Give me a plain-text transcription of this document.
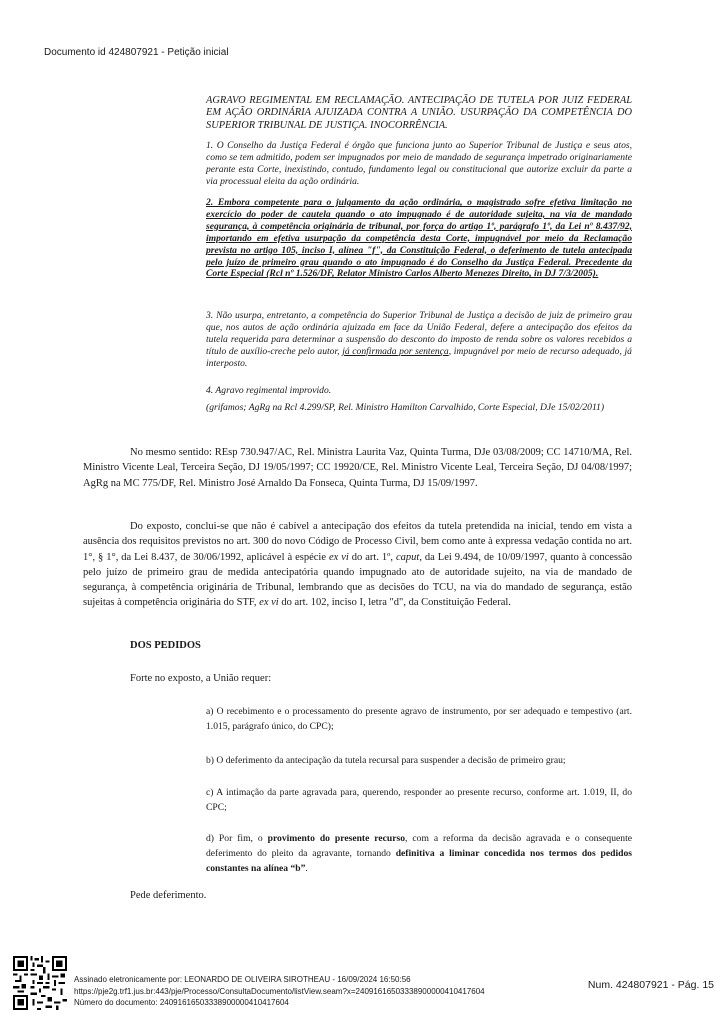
Documento id 424807921 - Petição inicial

AGRAVO REGIMENTAL EM RECLAMAÇÃO. ANTECIPAÇÃO DE TUTELA POR JUIZ FEDERAL EM AÇÃO ORDINÁRIA AJUIZADA CONTRA A UNIÃO. USURPAÇÃO DA COMPETÊNCIA DO SUPERIOR TRIBUNAL DE JUSTIÇA. INOCORRÊNCIA.

1. O Conselho da Justiça Federal é órgão que funciona junto ao Superior Tribunal de Justiça e seus atos, como se tem admitido, podem ser impugnados por meio de mandado de segurança impetrado originariamente perante esta Corte, inexistindo, contudo, fundamento legal ou constitucional que autorize excluir da parte a via processual eleita da ação ordinária.

2. Embora competente para o julgamento da ação ordinária, o magistrado sofre efetiva limitação no exercício do poder de cautela quando o ato impugnado é de autoridade sujeita, na via de mandado segurança, à competência originária de tribunal, por força do artigo 1º, parágrafo 1º, da Lei nº 8.437/92, importando em efetiva usurpação da competência desta Corte, impugnável por meio da Reclamação prevista no artigo 105, inciso I, alínea "f", da Constituição Federal, o deferimento de tutela antecipada pelo juízo de primeiro grau quando o ato impugnado é do Conselho da Justiça Federal. Precedente da Corte Especial (Rcl nº 1.526/DF, Relator Ministro Carlos Alberto Menezes Direito, in DJ 7/3/2005).

3. Não usurpa, entretanto, a competência do Superior Tribunal de Justiça a decisão de juiz de primeiro grau que, nos autos de ação ordinária ajuizada em face da União Federal, defere a antecipação dos efeitos da tutela requerida para determinar a suspensão do desconto do imposto de renda sobre os valores recebidos a título de auxílio-creche pelo autor, já confirmada por sentença, impugnável por meio de recurso adequado, já interposto.

4. Agravo regimental improvido.

(grifamos; AgRg na Rcl 4.299/SP, Rel. Ministro Hamilton Carvalhido, Corte Especial, DJe 15/02/2011)

No mesmo sentido: REsp 730.947/AC, Rel. Ministra Laurita Vaz, Quinta Turma, DJe 03/08/2009; CC 14710/MA, Rel. Ministro Vicente Leal, Terceira Seção, DJ 19/05/1997; CC 19920/CE, Rel. Ministro Vicente Leal, Terceira Seção, DJ 04/08/1997; AgRg na MC 775/DF, Rel. Ministro José Arnaldo Da Fonseca, Quinta Turma, DJ 15/09/1997.

Do exposto, conclui-se que não é cabível a antecipação dos efeitos da tutela pretendida na inicial, tendo em vista a ausência dos requisitos previstos no art. 300 do novo Código de Processo Civil, bem como ante à expressa vedação contida no art. 1°, § 1°, da Lei 8.437, de 30/06/1992, aplicável à espécie ex vi do art. 1º, caput, da Lei 9.494, de 10/09/1997, quanto à concessão pelo juízo de primeiro grau de medida antecipatória quando impugnado ato de autoridade sujeito, na via de mandado de segurança, à competência originária de Tribunal, lembrando que as decisões do TCU, na via do mandado de segurança, estão sujeitas à competência originária do STF, ex vi do art. 102, inciso I, letra "d", da Constituição Federal.

DOS PEDIDOS
Forte no exposto, a União requer:

a) O recebimento e o processamento do presente agravo de instrumento, por ser adequado e tempestivo (art. 1.015, parágrafo único, do CPC);

b) O deferimento da antecipação da tutela recursal para suspender a decisão de primeiro grau;

c) A intimação da parte agravada para, querendo, responder ao presente recurso, conforme art. 1.019, II, do CPC;

d) Por fim, o provimento do presente recurso, com a reforma da decisão agravada e o consequente deferimento do pleito da agravante, tornando definitiva a liminar concedida nos termos dos pedidos constantes na alínea “b”.

Pede deferimento.
Assinado eletronicamente por: LEONARDO DE OLIVEIRA SIROTHEAU - 16/09/2024 16:50:56
https://pje2g.trf1.jus.br:443/pje/Processo/ConsultaDocumento/listView.seam?x=24091616503338900000410417604
Número do documento: 24091616503338900000410417604
Num. 424807921 - Pág. 15
